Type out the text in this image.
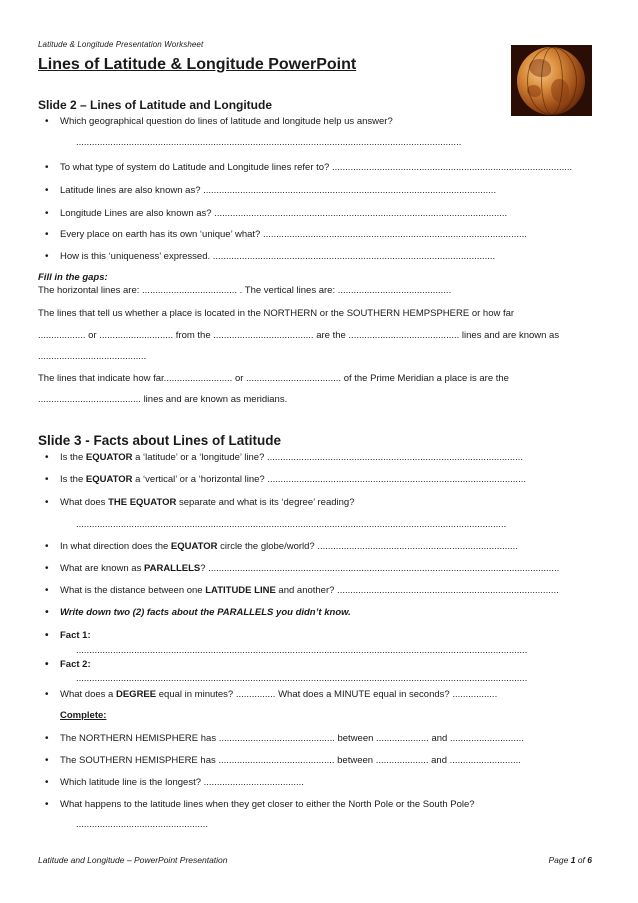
Latitude & Longitude Presentation Worksheet
Lines of Latitude & Longitude PowerPoint
Slide 2 – Lines of Latitude and Longitude
• Which geographical question do lines of latitude and longitude help us answer?
..................................................................................................................................................
• To what type of system do Latitude and Longitude lines refer to? ...........................................................................................
• Latitude lines are also known as? ...............................................................................................................
• Longitude Lines are also known as? ...............................................................................................................
• Every place on earth has its own ‘unique’ what? ....................................................................................................
• How is this ‘uniqueness’ expressed. ...........................................................................................................
Fill in the gaps:
The horizontal lines are: .................................... . The vertical lines are: ...........................................
The lines that tell us whether a place is located in the NORTHERN or the SOUTHERN HEMPSPHERE or how far
.................. or ............................ from the ...................................... are the .......................................... lines and are known as
.........................................
The lines that indicate how far.......................... or .................................... of the Prime Meridian a place is are the
....................................... lines and are known as meridians.
Slide 3 - Facts about Lines of Latitude
• Is the EQUATOR a ‘latitude’ or a ‘longitude’ line? .................................................................................................
• Is the EQUATOR a ‘vertical’ or a ‘horizontal line? ..................................................................................................
• What does THE EQUATOR separate and what is its ‘degree’ reading?
...................................................................................................................................................................
• In what direction does the EQUATOR circle the globe/world? ............................................................................
• What are known as PARALLELS? .....................................................................................................................................
• What is the distance between one LATITUDE LINE and another? ....................................................................................
• Write down two (2) facts about the PARALLELS you didn’t know.
• Fact 1:
...........................................................................................................................................................................
• Fact 2:
...........................................................................................................................................................................
• What does a DEGREE equal in minutes? ............... What does a MINUTE equal in seconds? .................
Complete:
• The NORTHERN HEMISPHERE has ............................................ between .................... and ............................
• The SOUTHERN HEMISPHERE has ............................................ between .................... and ...........................
• Which latitude line is the longest? ......................................
• What happens to the latitude lines when they get closer to either the North Pole or the South Pole?
..................................................
Latitude and Longitude – PowerPoint Presentation	Page 1 of 6
